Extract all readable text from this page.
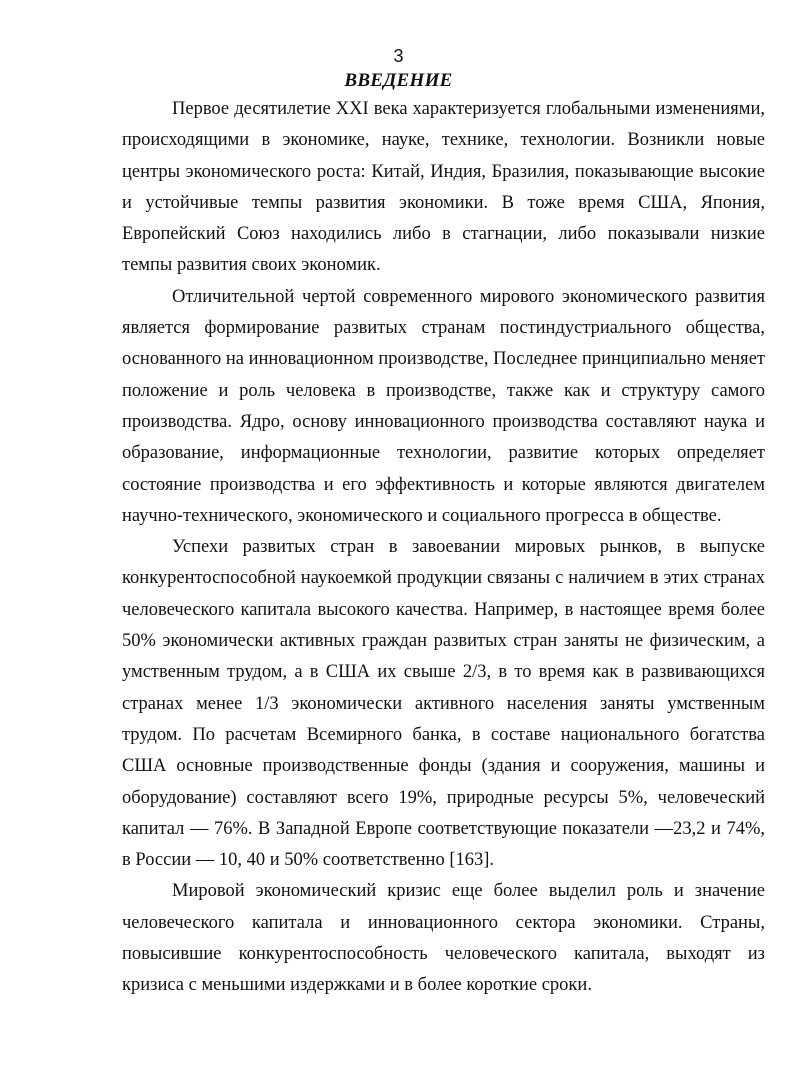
3
ВВЕДЕНИЕ

Первое десятилетие XXI века характеризуется глобальными изменениями, происходящими в экономике, науке, технике, технологии. Возникли новые центры экономического роста: Китай, Индия, Бразилия, показывающие высокие и устойчивые темпы развития экономики. В тоже время США, Япония, Европейский Союз находились либо в стагнации, либо показывали низкие темпы развития своих экономик.

Отличительной чертой современного мирового экономического развития является формирование развитых странам постиндустриального общества, основанного на инновационном производстве, Последнее принципиально меняет положение и роль человека в производстве, также как и структуру самого производства. Ядро, основу инновационного производства составляют наука и образование, информационные технологии, развитие которых определяет состояние производства и его эффективность и которые являются двигателем научно-технического, экономического и социального прогресса в обществе.

Успехи развитых стран в завоевании мировых рынков, в выпуске конкурентоспособной наукоемкой продукции связаны с наличием в этих странах человеческого капитала высокого качества. Например, в настоящее время более 50% экономически активных граждан развитых стран заняты не физическим, а умственным трудом, а в США их свыше 2/3, в то время как в развивающихся странах менее 1/3 экономически активного населения заняты умственным трудом. По расчетам Всемирного банка, в составе национального богатства США основные производственные фонды (здания и сооружения, машины и оборудование) составляют всего 19%, природные ресурсы 5%, человеческий капитал — 76%. В Западной Европе соответствующие показатели —23,2 и 74%, в России — 10, 40 и 50% соответственно [163].

Мировой экономический кризис еще более выделил роль и значение человеческого капитала и инновационного сектора экономики. Страны, повысившие конкурентоспособность человеческого капитала, выходят из кризиса с меньшими издержками и в более короткие сроки.
